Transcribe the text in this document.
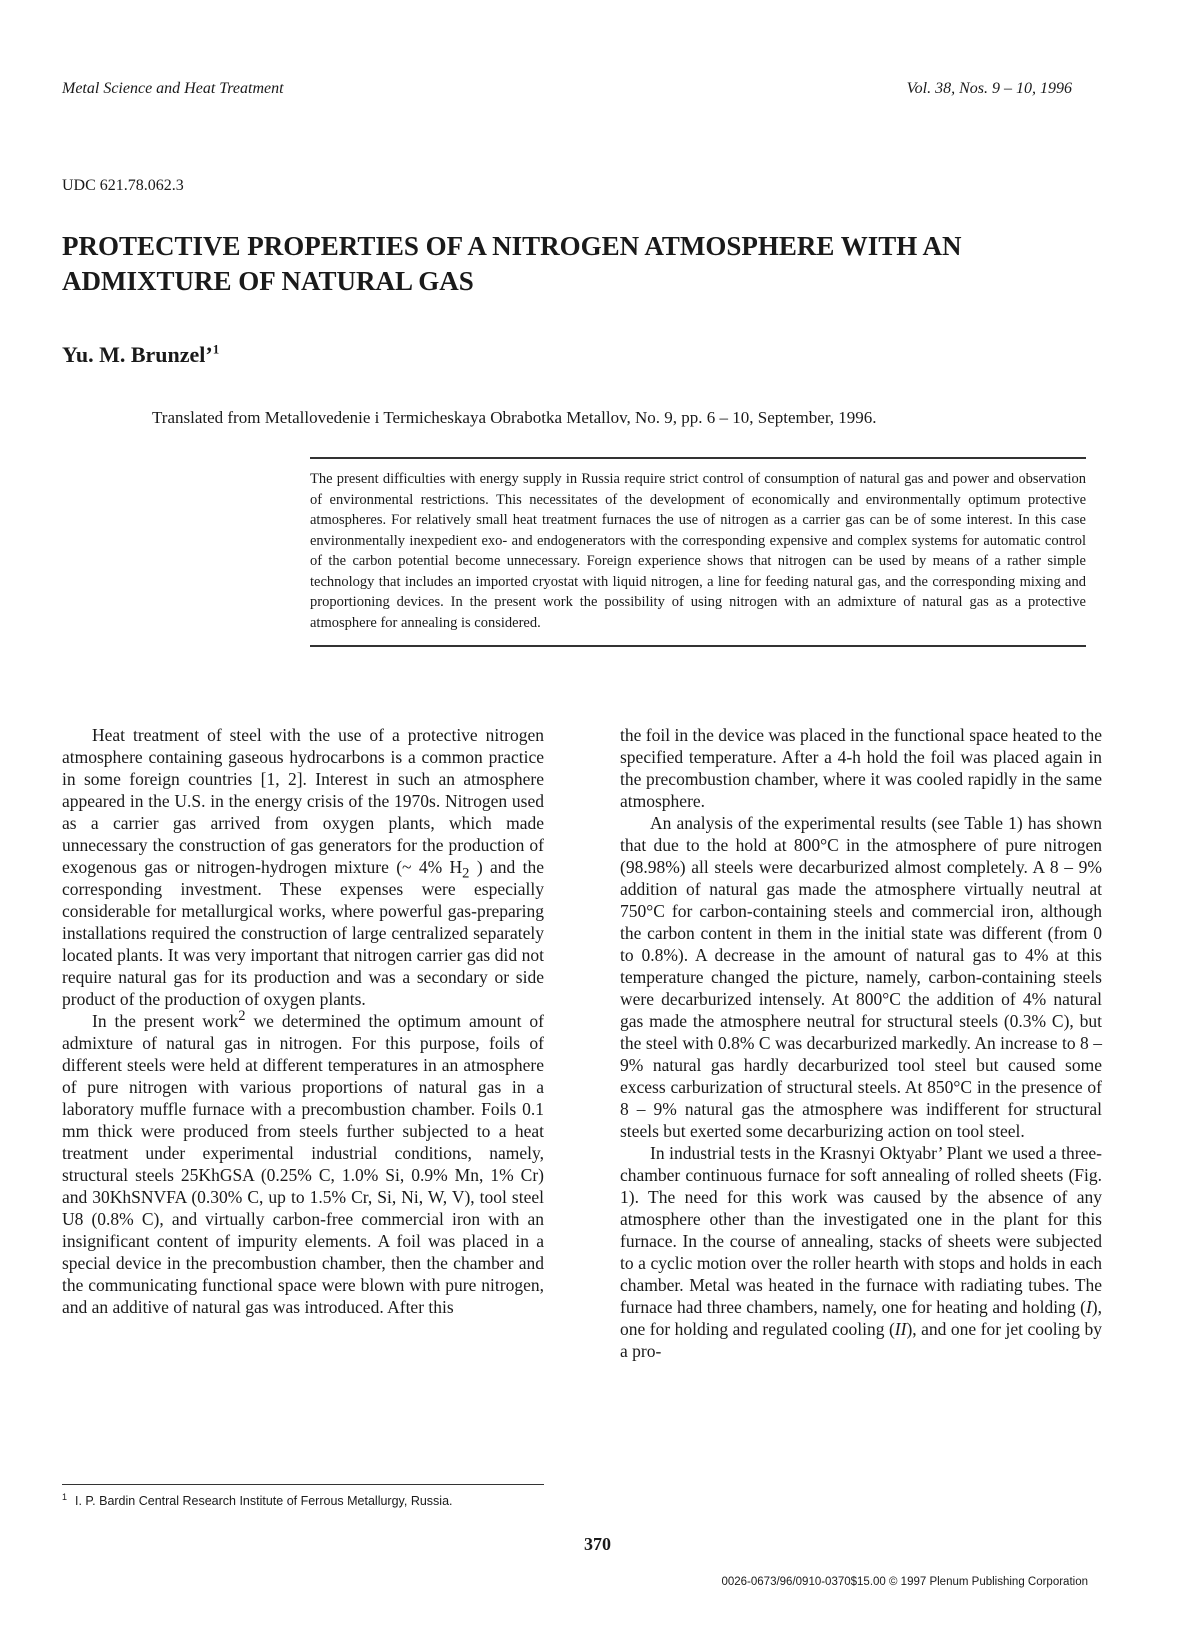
Metal Science and Heat Treatment	Vol. 38, Nos. 9 – 10, 1996
UDC 621.78.062.3
PROTECTIVE PROPERTIES OF A NITROGEN ATMOSPHERE WITH AN ADMIXTURE OF NATURAL GAS
Yu. M. Brunzel’$^1$
Translated from Metallovedenie i Termicheskaya Obrabotka Metallov, No. 9, pp. 6 – 10, September, 1996.
The present difficulties with energy supply in Russia require strict control of consumption of natural gas and power and observation of environmental restrictions. This necessitates of the development of economically and environmentally optimum protective atmospheres. For relatively small heat treatment furnaces the use of nitrogen as a carrier gas can be of some interest. In this case environmentally inexpedient exo- and endogenerators with the corresponding expensive and complex systems for automatic control of the carbon potential become unnecessary. Foreign experience shows that nitrogen can be used by means of a rather simple technology that includes an imported cryostat with liquid nitrogen, a line for feeding natural gas, and the corresponding mixing and proportioning devices. In the present work the possibility of using nitrogen with an admixture of natural gas as a protective atmosphere for annealing is considered.

Heat treatment of steel with the use of a protective nitrogen atmosphere containing gaseous hydrocarbons is a common practice in some foreign countries [1, 2]. Interest in such an atmosphere appeared in the U.S. in the energy crisis of the 1970s. Nitrogen used as a carrier gas arrived from oxygen plants, which made unnecessary the construction of gas generators for the production of exogenous gas or nitrogen-hydrogen mixture (~ 4% $H_2$ ) and the corresponding investment. These expenses were especially considerable for metallurgical works, where powerful gas-preparing installations required the construction of large centralized separately located plants. It was very important that nitrogen carrier gas did not require natural gas for its production and was a secondary or side product of the production of oxygen plants.

In the present work$^2$ we determined the optimum amount of admixture of natural gas in nitrogen. For this purpose, foils of different steels were held at different temperatures in an atmosphere of pure nitrogen with various proportions of natural gas in a laboratory muffle furnace with a precombustion chamber. Foils 0.1 mm thick were produced from steels further subjected to a heat treatment under experimental industrial conditions, namely, structural steels 25KhGSA (0.25% C, 1.0% Si, 0.9% Mn, 1% Cr) and 30KhSNVFA (0.30% C, up to 1.5% Cr, Si, Ni, W, V), tool steel U8 (0.8% C), and virtually carbon-free commercial iron with an insignificant content of impurity elements. A foil was placed in a special device in the precombustion chamber, then the chamber and the communicating functional space were blown with pure nitrogen, and an additive of natural gas was introduced. After this

the foil in the device was placed in the functional space heated to the specified temperature. After a 4-h hold the foil was placed again in the precombustion chamber, where it was cooled rapidly in the same atmosphere.

An analysis of the experimental results (see Table 1) has shown that due to the hold at 800°C in the atmosphere of pure nitrogen (98.98%) all steels were decarburized almost completely. A 8 – 9% addition of natural gas made the atmosphere virtually neutral at 750°C for carbon-containing steels and commercial iron, although the carbon content in them in the initial state was different (from 0 to 0.8%). A decrease in the amount of natural gas to 4% at this temperature changed the picture, namely, carbon-containing steels were decarburized intensely. At 800°C the addition of 4% natural gas made the atmosphere neutral for structural steels (0.3% C), but the steel with 0.8% C was decarburized markedly. An increase to 8 – 9% natural gas hardly decarburized tool steel but caused some excess carburization of structural steels. At 850°C in the presence of 8 – 9% natural gas the atmosphere was indifferent for structural steels but exerted some decarburizing action on tool steel.

In industrial tests in the Krasnyi Oktyabr’ Plant we used a three-chamber continuous furnace for soft annealing of rolled sheets (Fig. 1). The need for this work was caused by the absence of any atmosphere other than the investigated one in the plant for this furnace. In the course of annealing, stacks of sheets were subjected to a cyclic motion over the roller hearth with stops and holds in each chamber. Metal was heated in the furnace with radiating tubes. The furnace had three chambers, namely, one for heating and holding (I), one for holding and regulated cooling (II), and one for jet cooling by a pro-

$^1$ I. P. Bardin Central Research Institute of Ferrous Metallurgy, Russia.
370
0026-0673/96/0910-0370$15.00 © 1997 Plenum Publishing Corporation
